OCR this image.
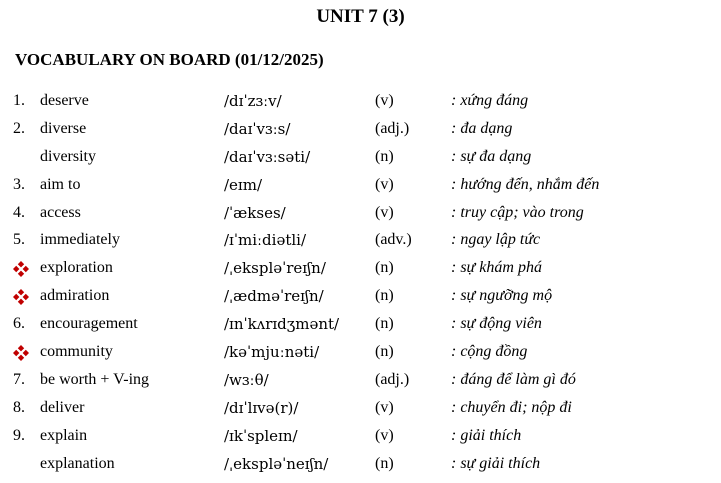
UNIT 7 (3)
VOCABULARY ON BOARD (01/12/2025)
1. deserve	/dɪˈzɜːv/	(v)	: xứng đáng
2. diverse	/daɪˈvɜːs/	(adj.)	: đa dạng
diversity	/daɪˈvɜːsəti/	(n)	: sự đa dạng
3. aim to	/eɪm/	(v)	: hướng đến, nhắm đến
4. access	/ˈækses/	(v)	: truy cập; vào trong
5. immediately	/ɪˈmiːdiətli/	(adv.) : ngay lập tức
exploration	/ˌekspləˈreɪʃn/	(n)	: sự khám phá
admiration	/ˌædməˈreɪʃn/	(n)	: sự ngưỡng mộ
6. encouragement	/ɪnˈkʌrɪdʒmənt/ (n)	: sự động viên
community	/kəˈmjuːnəti/	(n)	: cộng đồng
7. be worth + V-ing	/wɜːθ/	(adj.)	: đáng để làm gì đó
8. deliver	/dɪˈlɪvə(r)/	(v)	: chuyển đi; nộp đi
9. explain	/ɪkˈspleɪn/	(v)	: giải thích
explanation	/ˌekspləˈneɪʃn/	(n)	: sự giải thích
